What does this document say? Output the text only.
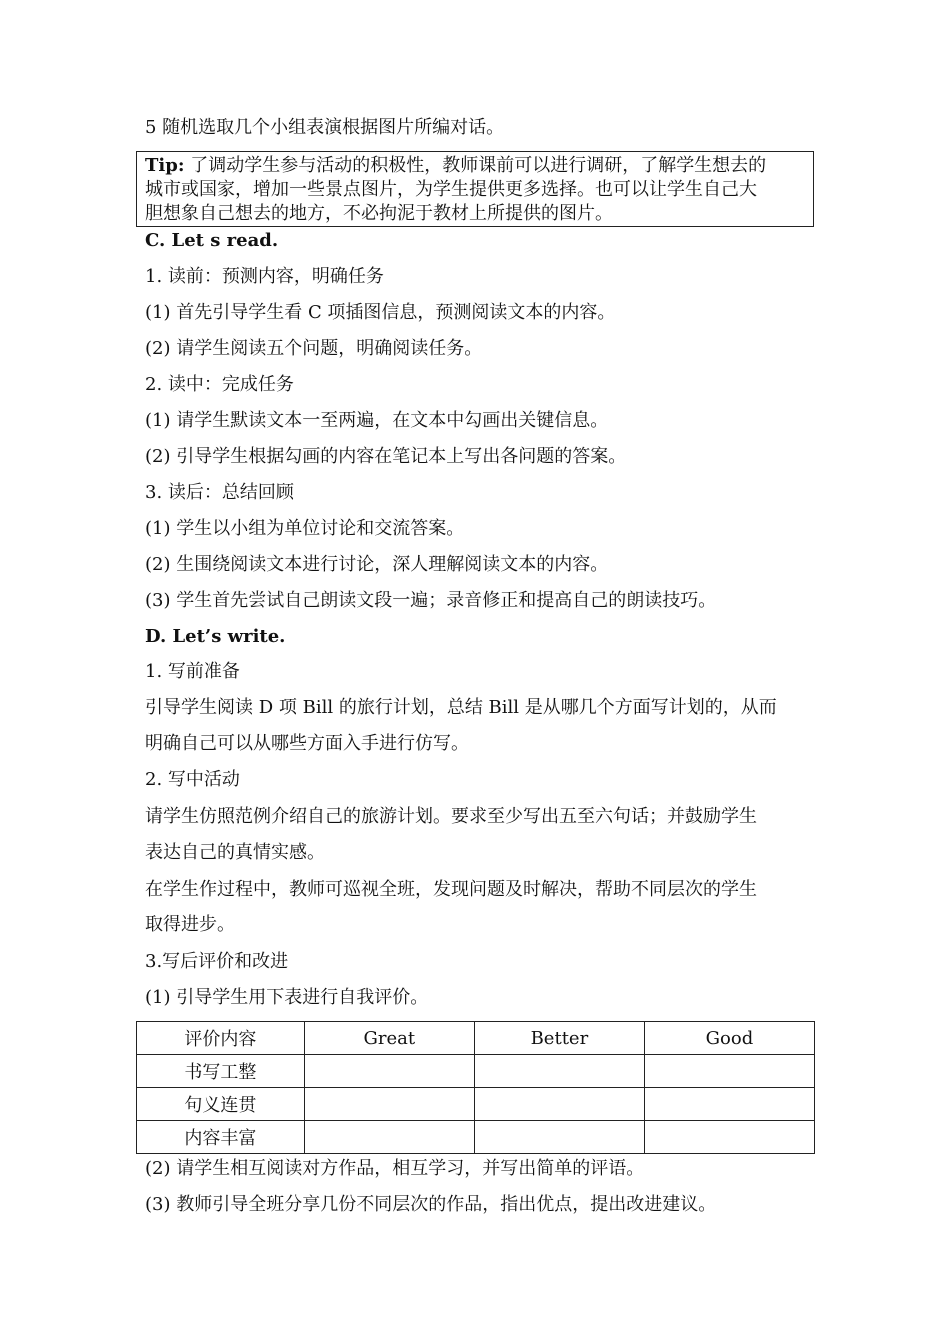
5 随机选取几个小组表演根据图片所编对话。
C. Let s read.
1. 读前：预测内容，明确任务
(1) 首先引导学生看 C 项插图信息，预测阅读文本的内容。
(2) 请学生阅读五个问题，明确阅读任务。
2. 读中：完成任务
(1) 请学生默读文本一至两遍，在文本中勾画出关键信息。
(2) 引导学生根据勾画的内容在笔记本上写出各问题的答案。
3. 读后：总结回顾
(1) 学生以小组为单位讨论和交流答案。
(2) 生围绕阅读文本进行讨论，深人理解阅读文本的内容。
(3) 学生首先尝试自己朗读文段一遍；录音修正和提高自己的朗读技巧。
D. Let’s write.
1. 写前准备
引导学生阅读 D 项 Bill 的旅行计划，总结 Bill 是从哪几个方面写计划的，从而
明确自己可以从哪些方面入手进行仿写。
2. 写中活动
请学生仿照范例介绍自己的旅游计划。要求至少写出五至六句话；并鼓励学生
表达自己的真情实感。
在学生作过程中，教师可巡视全班，发现问题及时解决，帮助不同层次的学生
取得进步。
3.写后评价和改进
(1) 引导学生用下表进行自我评价。
(2) 请学生相互阅读对方作品，相互学习，并写出简单的评语。
(3) 教师引导全班分享几份不同层次的作品，指出优点，提出改进建议。
Tip: 了调动学生参与活动的积极性，教师课前可以进行调研，了解学生想去的
城市或国家，增加一些景点图片，为学生提供更多选择。也可以让学生自己大
胆想象自己想去的地方，不必拘泥于教材上所提供的图片。
评价内容	Great	Better	Good
书写工整			
句义连贯			
内容丰富			
